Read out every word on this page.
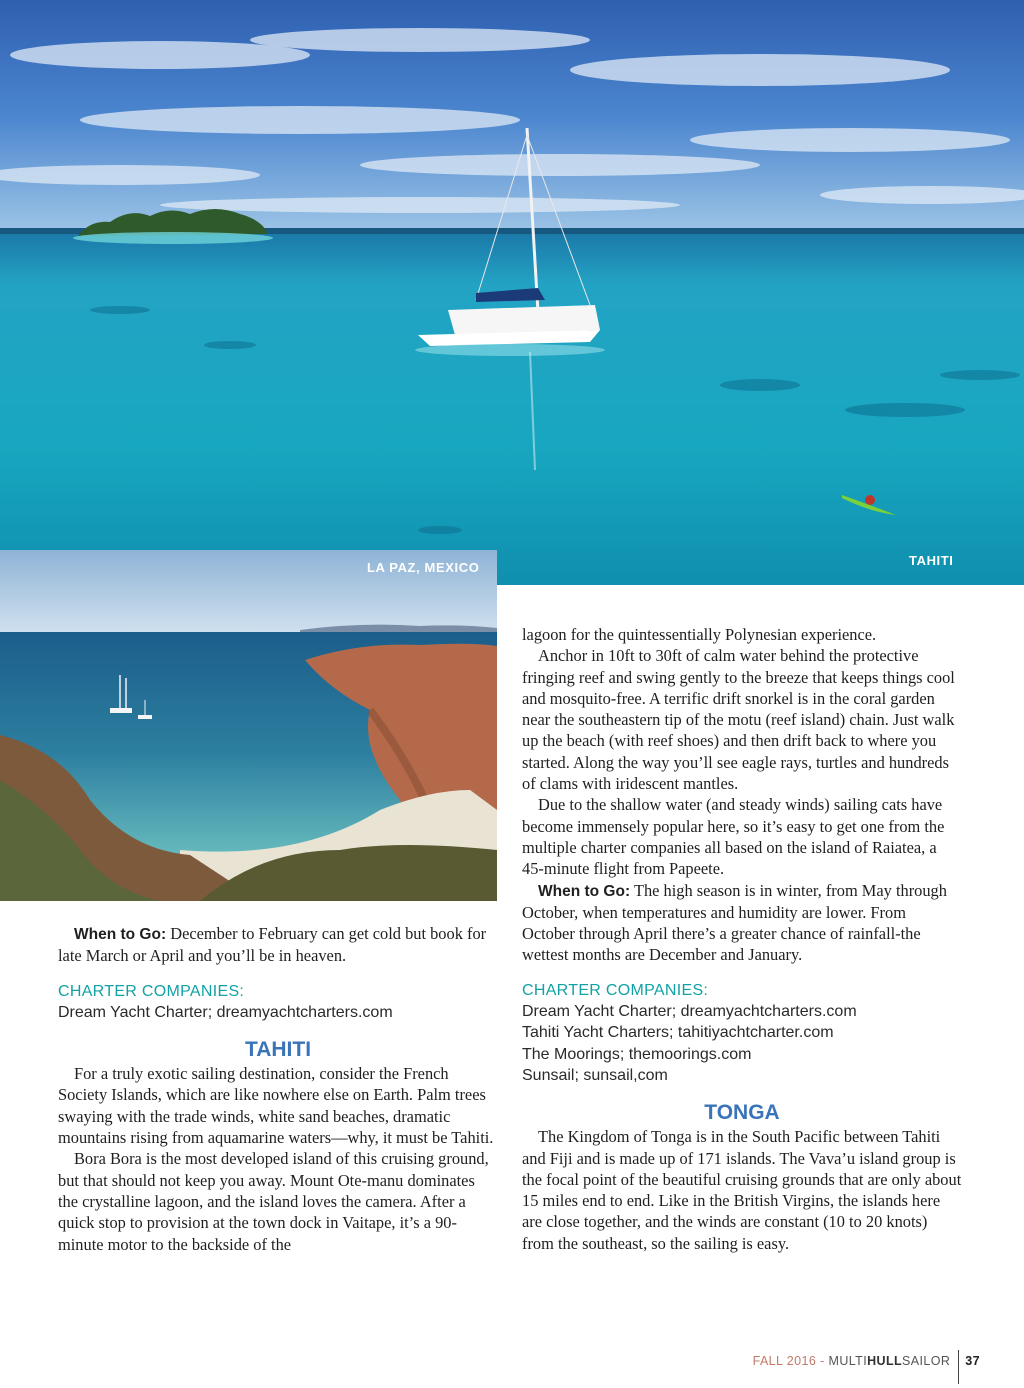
TAHITI
LA PAZ, MEXICO

When to Go: December to February can get cold but book for late March or April and you’ll be in heaven.

CHARTER COMPANIES:
Dream Yacht Charter; dreamyachtcharters.com
TAHITI

For a truly exotic sailing destination, consider the French Society Islands, which are like nowhere else on Earth. Palm trees swaying with the trade winds, white sand beaches, dramatic mountains rising from aquamarine waters—why, it must be Tahiti.

Bora Bora is the most developed island of this cruising ground, but that should not keep you away. Mount Ote-manu dominates the crystalline lagoon, and the island loves the camera. After a quick stop to provision at the town dock in Vaitape, it’s a 90-minute motor to the backside of the

lagoon for the quintessentially Polynesian experience.

Anchor in 10ft to 30ft of calm water behind the protective fringing reef and swing gently to the breeze that keeps things cool and mosquito-free. A terrific drift snorkel is in the coral garden near the southeastern tip of the motu (reef island) chain. Just walk up the beach (with reef shoes) and then drift back to where you started. Along the way you’ll see eagle rays, turtles and hundreds of clams with iridescent mantles.

Due to the shallow water (and steady winds) sailing cats have become immensely popular here, so it’s easy to get one from the multiple charter companies all based on the island of Raiatea, a 45-minute flight from Papeete.

When to Go: The high season is in winter, from May through October, when temperatures and humidity are lower. From October through April there’s a greater chance of rainfall-the wettest months are December and January.

CHARTER COMPANIES:
Dream Yacht Charter; dreamyachtcharters.com
Tahiti Yacht Charters; tahitiyachtcharter.com
The Moorings; themoorings.com
Sunsail; sunsail,com
TONGA

The Kingdom of Tonga is in the South Pacific between Tahiti and Fiji and is made up of 171 islands. The Vava’u island group is the focal point of the beautiful cruising grounds that are only about 15 miles end to end. Like in the British Virgins, the islands here are close together, and the winds are constant (10 to 20 knots) from the southeast, so the sailing is easy.

FALL 2016 - MULTIHULLSAILOR 37
